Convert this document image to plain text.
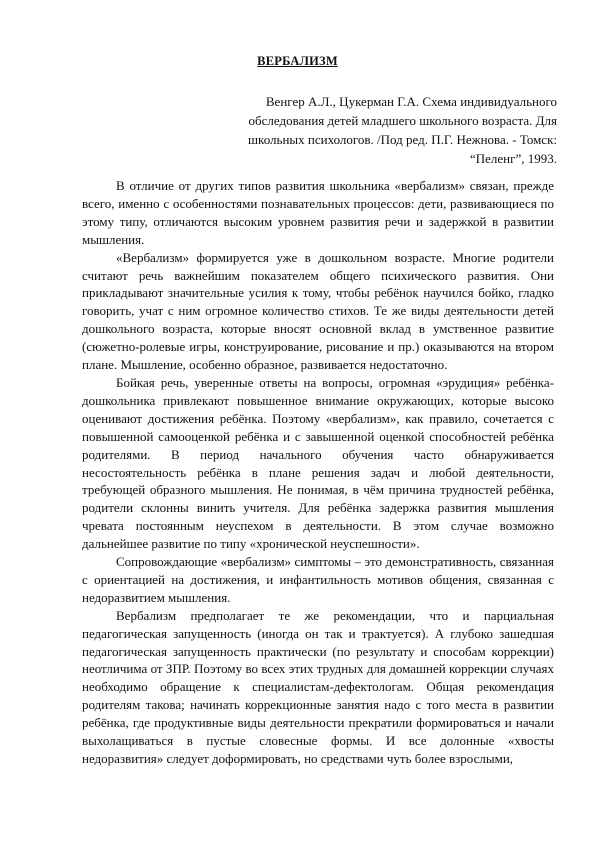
ВЕРБАЛИЗМ
Венгер А.Л., Цукерман Г.А. Схема индивидуального
обследования детей младшего школьного возраста. Для
школьных психологов. /Под ред. П.Г. Нежнова. - Томск:
“Пеленг”, 1993.

В отличие от других типов развития школьника «вербализм» связан, прежде всего, именно с особенностями познавательных процессов: дети, развивающиеся по этому типу, отличаются высоким уровнем развития речи и задержкой в развитии мышления.

«Вербализм» формируется уже в дошкольном возрасте. Многие родители считают речь важнейшим показателем общего психического развития. Они прикладывают значительные усилия к тому, чтобы ребёнок научился бойко, гладко говорить, учат с ним огромное количество стихов. Те же виды деятельности детей дошкольного возраста, которые вносят основной вклад в умственное развитие (сюжетно-ролевые игры, конструирование, рисование и пр.) оказываются на втором плане. Мышление, особенно образное, развивается недостаточно.

Бойкая речь, уверенные ответы на вопросы, огромная «эрудиция» ребёнка-дошкольника привлекают повышенное внимание окружающих, которые высоко оценивают достижения ребёнка. Поэтому «вербализм», как правило, сочетается с повышенной самооценкой ребёнка и с завышенной оценкой способностей ребёнка родителями. В период начального обучения часто обнаруживается несостоятельность ребёнка в плане решения задач и любой деятельности, требующей образного мышления. Не понимая, в чём причина трудностей ребёнка, родители склонны винить учителя. Для ребёнка задержка развития мышления чревата постоянным неуспехом в деятельности. В этом случае возможно дальнейшее развитие по типу «хронической неуспешности».

Сопровождающие «вербализм» симптомы – это демонстративность, связанная с ориентацией на достижения, и инфантильность мотивов общения, связанная с недоразвитием мышления.

Вербализм предполагает те же рекомендации, что и парциальная педагогическая запущенность (иногда он так и трактуется). А глубоко зашедшая педагогическая запущенность практически (по результату и способам коррекции) неотличима от ЗПР. Поэтому во всех этих трудных для домашней коррекции случаях необходимо обращение к специалистам-дефектологам. Общая рекомендация родителям такова; начинать коррекционные занятия надо с того места в развитии ребёнка, где продуктивные виды деятельности прекратили формироваться и начали выхолащиваться в пустые словесные формы. И все долонные «хвосты недоразвития» следует доформировать, но средствами чуть более взрослыми,
